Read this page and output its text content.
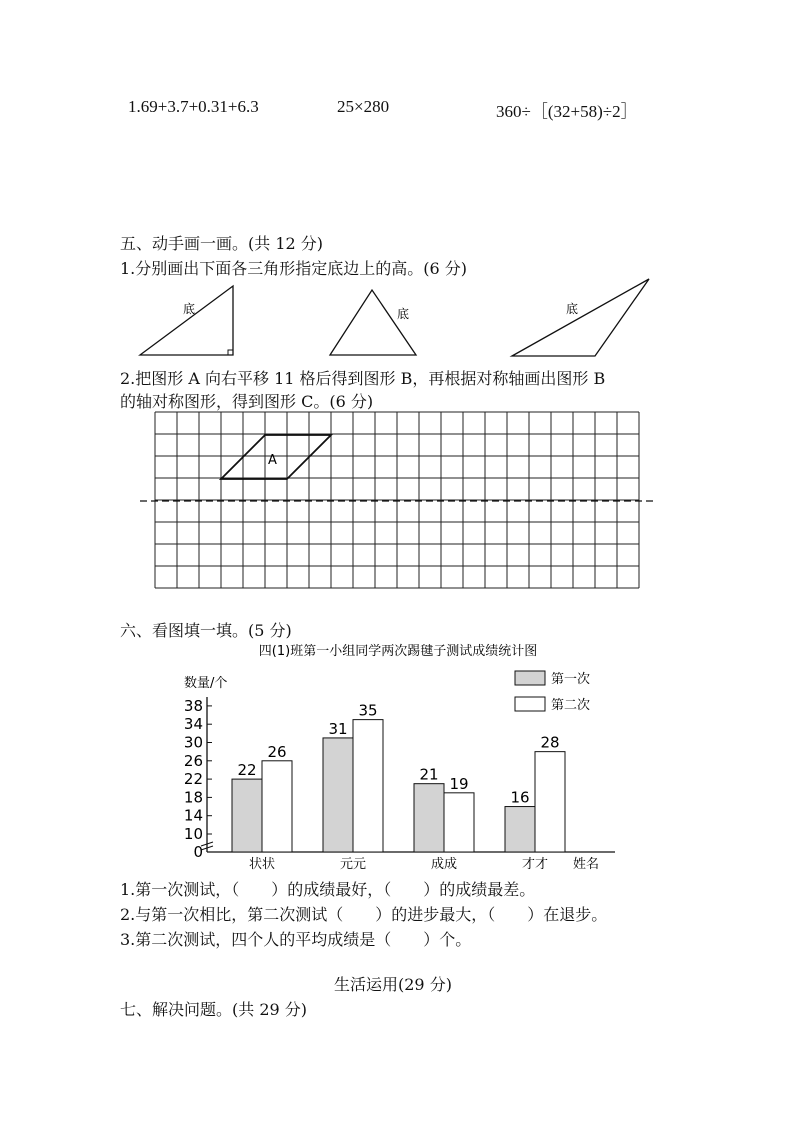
1.69+3.7+0.31+6.3	25×280	360÷［(32+58)÷2］
五、动手画一画。(共 12 分)
1.分别画出下面各三角形指定底边上的高。(6 分)
底	底	底
2.把图形 A 向右平移 11 格后得到图形 B，再根据对称轴画出图形 B
的轴对称图形，得到图形 C。(6 分)
A
六、看图填一填。(5 分)
四(1)班第一小组同学两次踢毽子测试成绩统计图
数量/个
姓名
0
10
14
18
22
26
30
34
38
22
26
状状
31
35
元元
21
19
成成
16
28
才才
第一次
第二次
1.第一次测试，（　　）的成绩最好，（　　）的成绩最差。
2.与第一次相比，第二次测试（　　）的进步最大，（　　）在退步。
3.第二次测试，四个人的平均成绩是（　　）个。
生活运用(29 分)
七、解决问题。(共 29 分)
